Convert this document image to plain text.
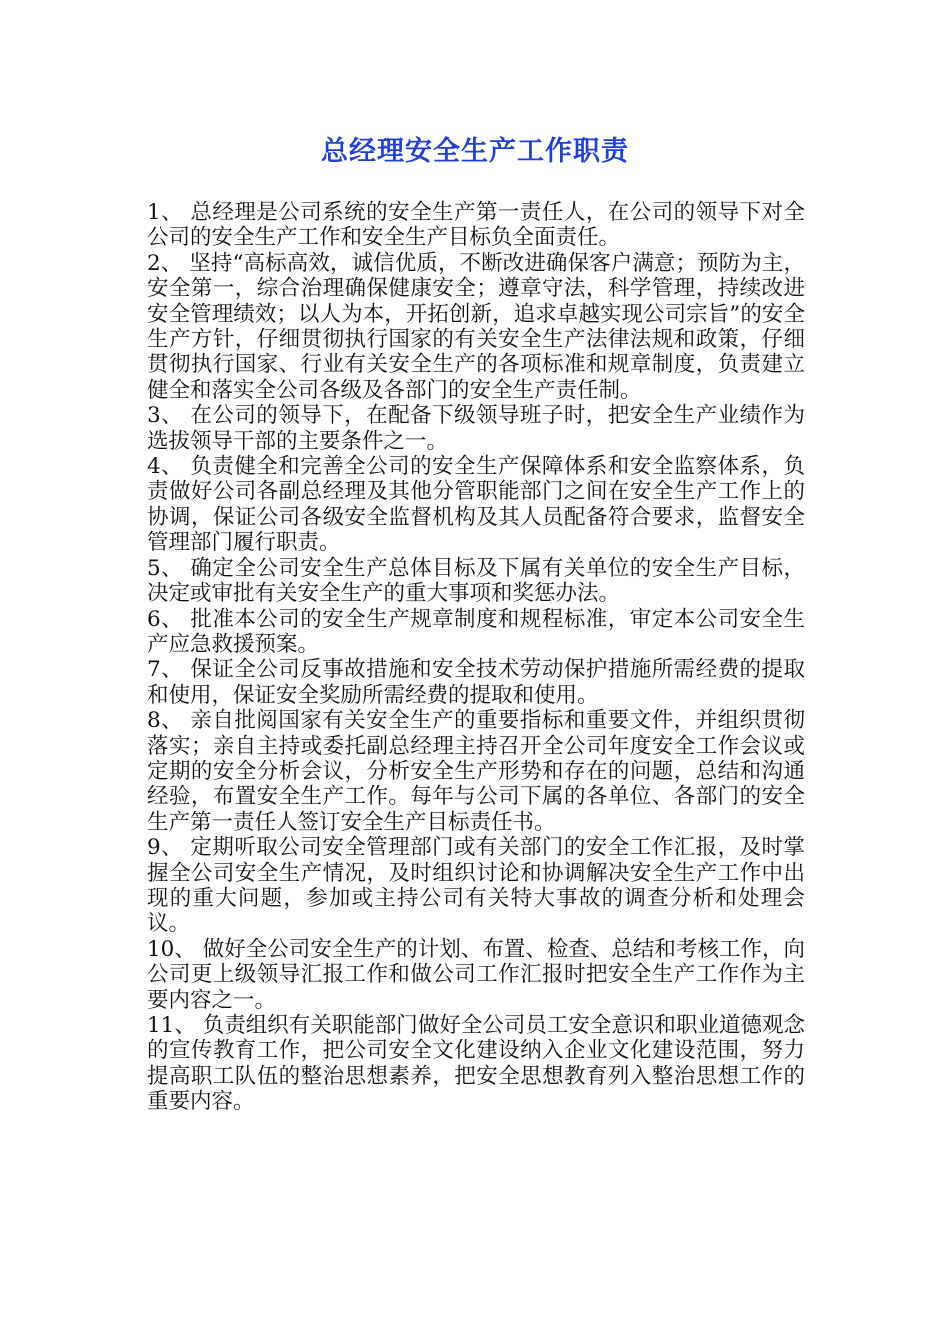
总经理安全生产工作职责

1、 总经理是公司系统的安全生产第一责任人，在公司的领导下对全公司的安全生产工作和安全生产目标负全面责任。

2、 坚持“高标高效，诚信优质，不断改进确保客户满意；预防为主，安全第一，综合治理确保健康安全；遵章守法，科学管理，持续改进安全管理绩效；以人为本，开拓创新，追求卓越实现公司宗旨”的安全生产方针，仔细贯彻执行国家的有关安全生产法律法规和政策，仔细贯彻执行国家、行业有关安全生产的各项标准和规章制度，负责建立健全和落实全公司各级及各部门的安全生产责任制。

3、 在公司的领导下，在配备下级领导班子时，把安全生产业绩作为选拔领导干部的主要条件之一。

4、 负责健全和完善全公司的安全生产保障体系和安全监察体系，负责做好公司各副总经理及其他分管职能部门之间在安全生产工作上的协调，保证公司各级安全监督机构及其人员配备符合要求，监督安全管理部门履行职责。

5、 确定全公司安全生产总体目标及下属有关单位的安全生产目标，决定或审批有关安全生产的重大事项和奖惩办法。

6、 批准本公司的安全生产规章制度和规程标准，审定本公司安全生产应急救援预案。

7、 保证全公司反事故措施和安全技术劳动保护措施所需经费的提取和使用，保证安全奖励所需经费的提取和使用。

8、 亲自批阅国家有关安全生产的重要指标和重要文件，并组织贯彻落实；亲自主持或委托副总经理主持召开全公司年度安全工作会议或定期的安全分析会议，分析安全生产形势和存在的问题，总结和沟通经验，布置安全生产工作。每年与公司下属的各单位、各部门的安全生产第一责任人签订安全生产目标责任书。

9、 定期听取公司安全管理部门或有关部门的安全工作汇报，及时掌握全公司安全生产情况，及时组织讨论和协调解决安全生产工作中出现的重大问题，参加或主持公司有关特大事故的调查分析和处理会议。

10、 做好全公司安全生产的计划、布置、检查、总结和考核工作，向公司更上级领导汇报工作和做公司工作汇报时把安全生产工作作为主要内容之一。

11、 负责组织有关职能部门做好全公司员工安全意识和职业道德观念的宣传教育工作，把公司安全文化建设纳入企业文化建设范围，努力提高职工队伍的整治思想素养，把安全思想教育列入整治思想工作的重要内容。
